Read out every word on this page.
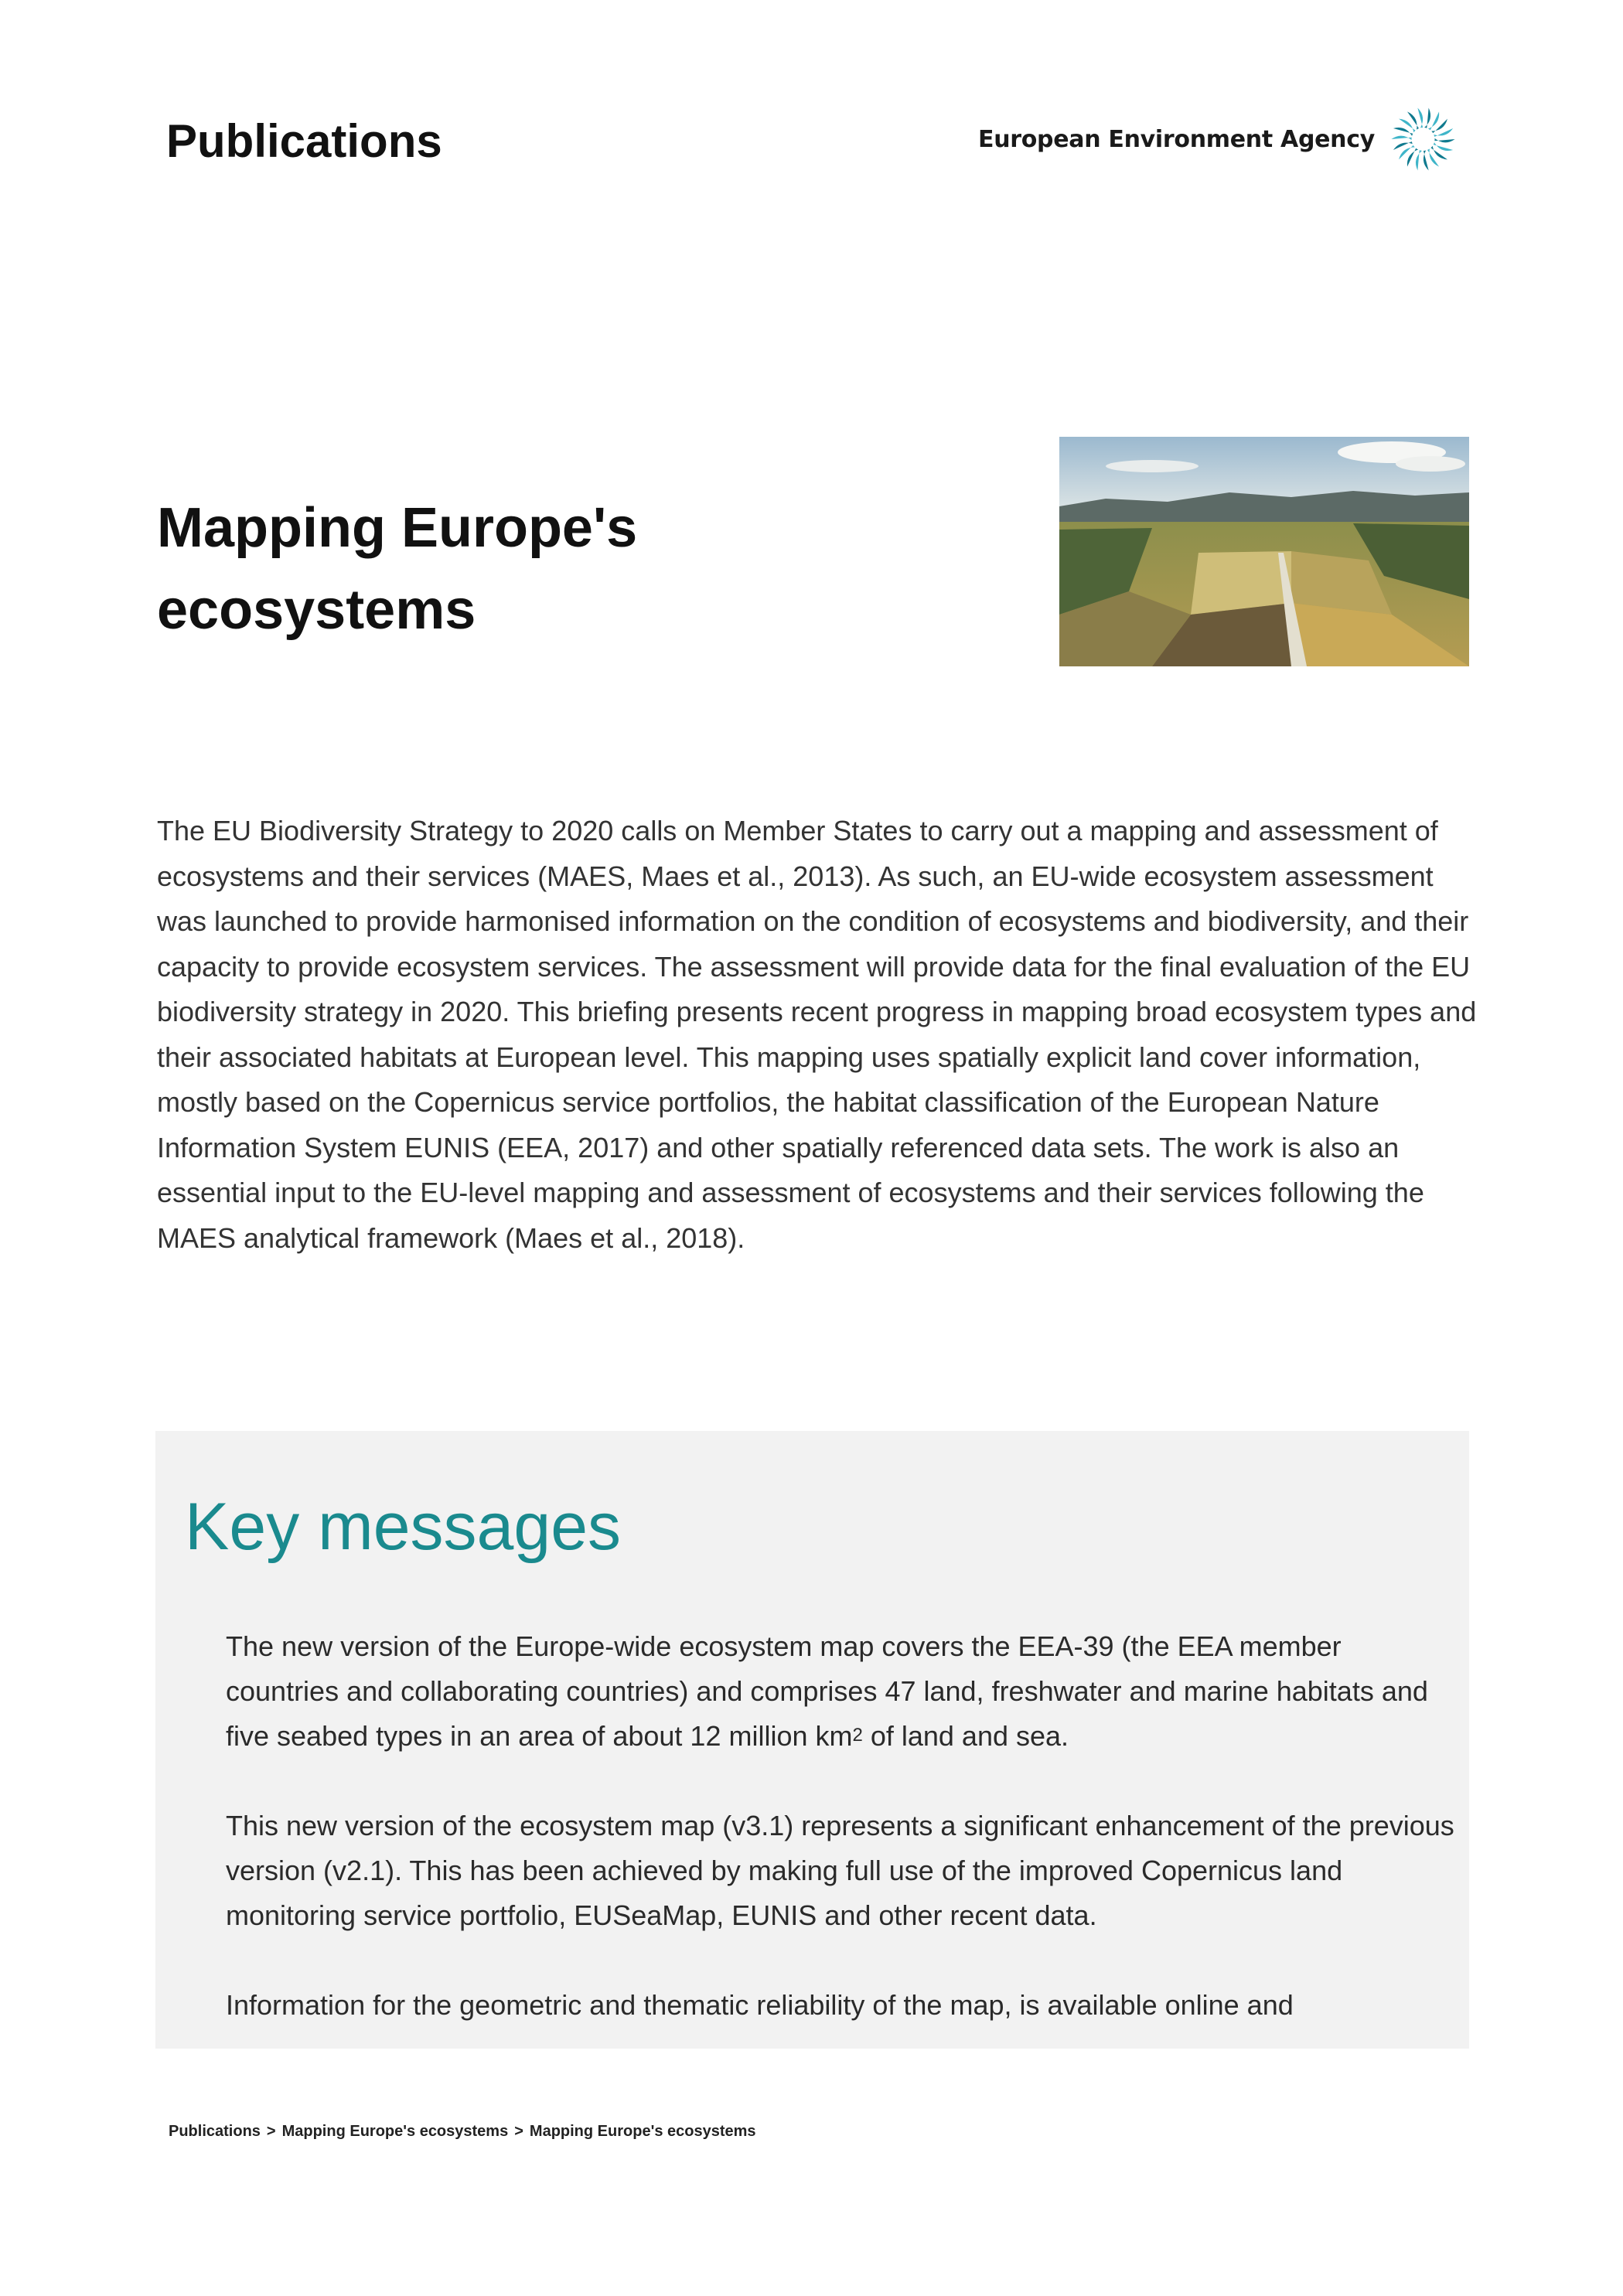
Publications	European Environment Agency
Mapping Europe's
ecosystems

The EU Biodiversity Strategy to 2020 calls on Member States to carry out a mapping and assessment of ecosystems and their services (MAES, Maes et al., 2013). As such, an EU-wide ecosystem assessment was launched to provide harmonised information on the condition of ecosystems and biodiversity, and their capacity to provide ecosystem services. The assessment will provide data for the final evaluation of the EU biodiversity strategy in 2020. This briefing presents recent progress in mapping broad ecosystem types and their associated habitats at European level. This mapping uses spatially explicit land cover information, mostly based on the Copernicus service portfolios, the habitat classification of the European Nature Information System EUNIS (EEA, 2017) and other spatially referenced data sets. The work is also an essential input to the EU-level mapping and assessment of ecosystems and their services following the MAES analytical framework (Maes et al., 2018).

Key messages
The new version of the Europe-wide ecosystem map covers the EEA-39 (the EEA member countries and collaborating countries) and comprises 47 land, freshwater and marine habitats and five seabed types in an area of about 12 million $km^2$ of land and sea.
This new version of the ecosystem map (v3.1) represents a significant enhancement of the previous version (v2.1). This has been achieved by making full use of the improved Copernicus land monitoring service portfolio, EUSeaMap, EUNIS and other recent data.
Information for the geometric and thematic reliability of the map, is available online and
Publications > Mapping Europe's ecosystems > Mapping Europe's ecosystems
